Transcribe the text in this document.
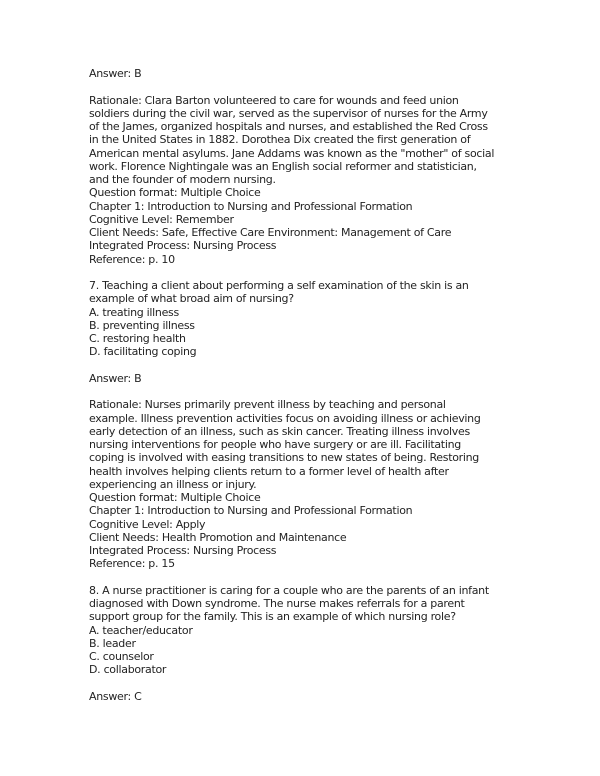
Answer: B
Rationale: Clara Barton volunteered to care for wounds and feed union
soldiers during the civil war, served as the supervisor of nurses for the Army
of the James, organized hospitals and nurses, and established the Red Cross
in the United States in 1882. Dorothea Dix created the first generation of
American mental asylums. Jane Addams was known as the "mother" of social
work. Florence Nightingale was an English social reformer and statistician,
and the founder of modern nursing.
Question format: Multiple Choice
Chapter 1: Introduction to Nursing and Professional Formation
Cognitive Level: Remember
Client Needs: Safe, Effective Care Environment: Management of Care
Integrated Process: Nursing Process
Reference: p. 10
7. Teaching a client about performing a self examination of the skin is an
example of what broad aim of nursing?
A. treating illness
B. preventing illness
C. restoring health
D. facilitating coping
Answer: B
Rationale: Nurses primarily prevent illness by teaching and personal
example. Illness prevention activities focus on avoiding illness or achieving
early detection of an illness, such as skin cancer. Treating illness involves
nursing interventions for people who have surgery or are ill. Facilitating
coping is involved with easing transitions to new states of being. Restoring
health involves helping clients return to a former level of health after
experiencing an illness or injury.
Question format: Multiple Choice
Chapter 1: Introduction to Nursing and Professional Formation
Cognitive Level: Apply
Client Needs: Health Promotion and Maintenance
Integrated Process: Nursing Process
Reference: p. 15
8. A nurse practitioner is caring for a couple who are the parents of an infant
diagnosed with Down syndrome. The nurse makes referrals for a parent
support group for the family. This is an example of which nursing role?
A. teacher/educator
B. leader
C. counselor
D. collaborator
Answer: C
